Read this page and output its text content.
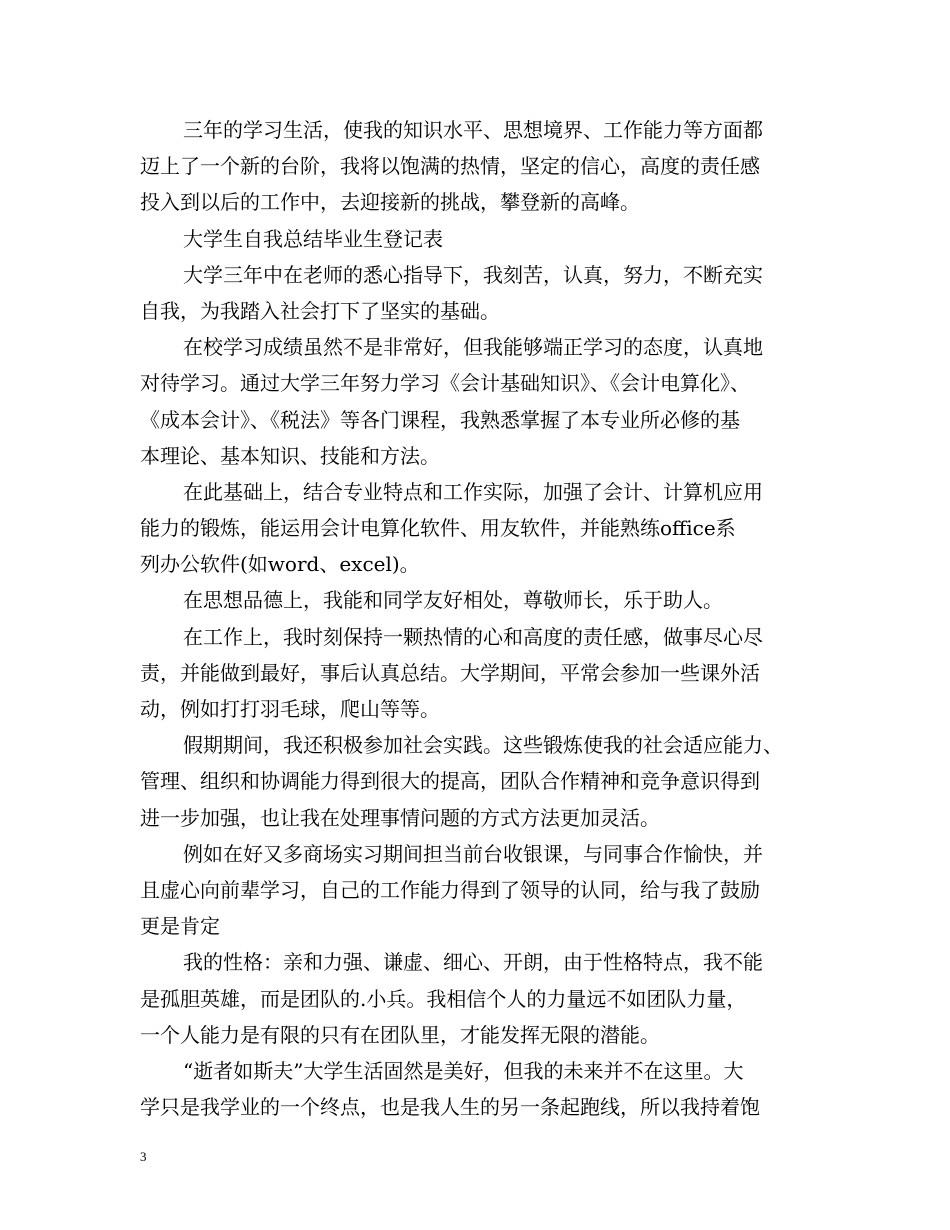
三年的学习生活，使我的知识水平、思想境界、工作能力等方面都
迈上了一个新的台阶，我将以饱满的热情，坚定的信心，高度的责任感
投入到以后的工作中，去迎接新的挑战，攀登新的高峰。
大学生自我总结毕业生登记表
大学三年中在老师的悉心指导下，我刻苦，认真，努力，不断充实
自我，为我踏入社会打下了坚实的基础。
在校学习成绩虽然不是非常好，但我能够端正学习的态度，认真地
对待学习。通过大学三年努力学习《会计基础知识》、《会计电算化》、
《成本会计》、《税法》等各门课程，我熟悉掌握了本专业所必修的基
本理论、基本知识、技能和方法。
在此基础上，结合专业特点和工作实际，加强了会计、计算机应用
能力的锻炼，能运用会计电算化软件、用友软件，并能熟练office系
列办公软件(如word、excel)。
在思想品德上，我能和同学友好相处，尊敬师长，乐于助人。
在工作上，我时刻保持一颗热情的心和高度的责任感，做事尽心尽
责，并能做到最好，事后认真总结。大学期间，平常会参加一些课外活
动，例如打打羽毛球，爬山等等。
假期期间，我还积极参加社会实践。这些锻炼使我的社会适应能力、
管理、组织和协调能力得到很大的提高，团队合作精神和竞争意识得到
进一步加强，也让我在处理事情问题的方式方法更加灵活。
例如在好又多商场实习期间担当前台收银课，与同事合作愉快，并
且虚心向前辈学习，自己的工作能力得到了领导的认同，给与我了鼓励
更是肯定
我的性格：亲和力强、谦虚、细心、开朗，由于性格特点，我不能
是孤胆英雄，而是团队的.小兵。我相信个人的力量远不如团队力量，
一个人能力是有限的只有在团队里，才能发挥无限的潜能。
“逝者如斯夫”大学生活固然是美好，但我的未来并不在这里。大
学只是我学业的一个终点，也是我人生的另一条起跑线，所以我持着饱
3
